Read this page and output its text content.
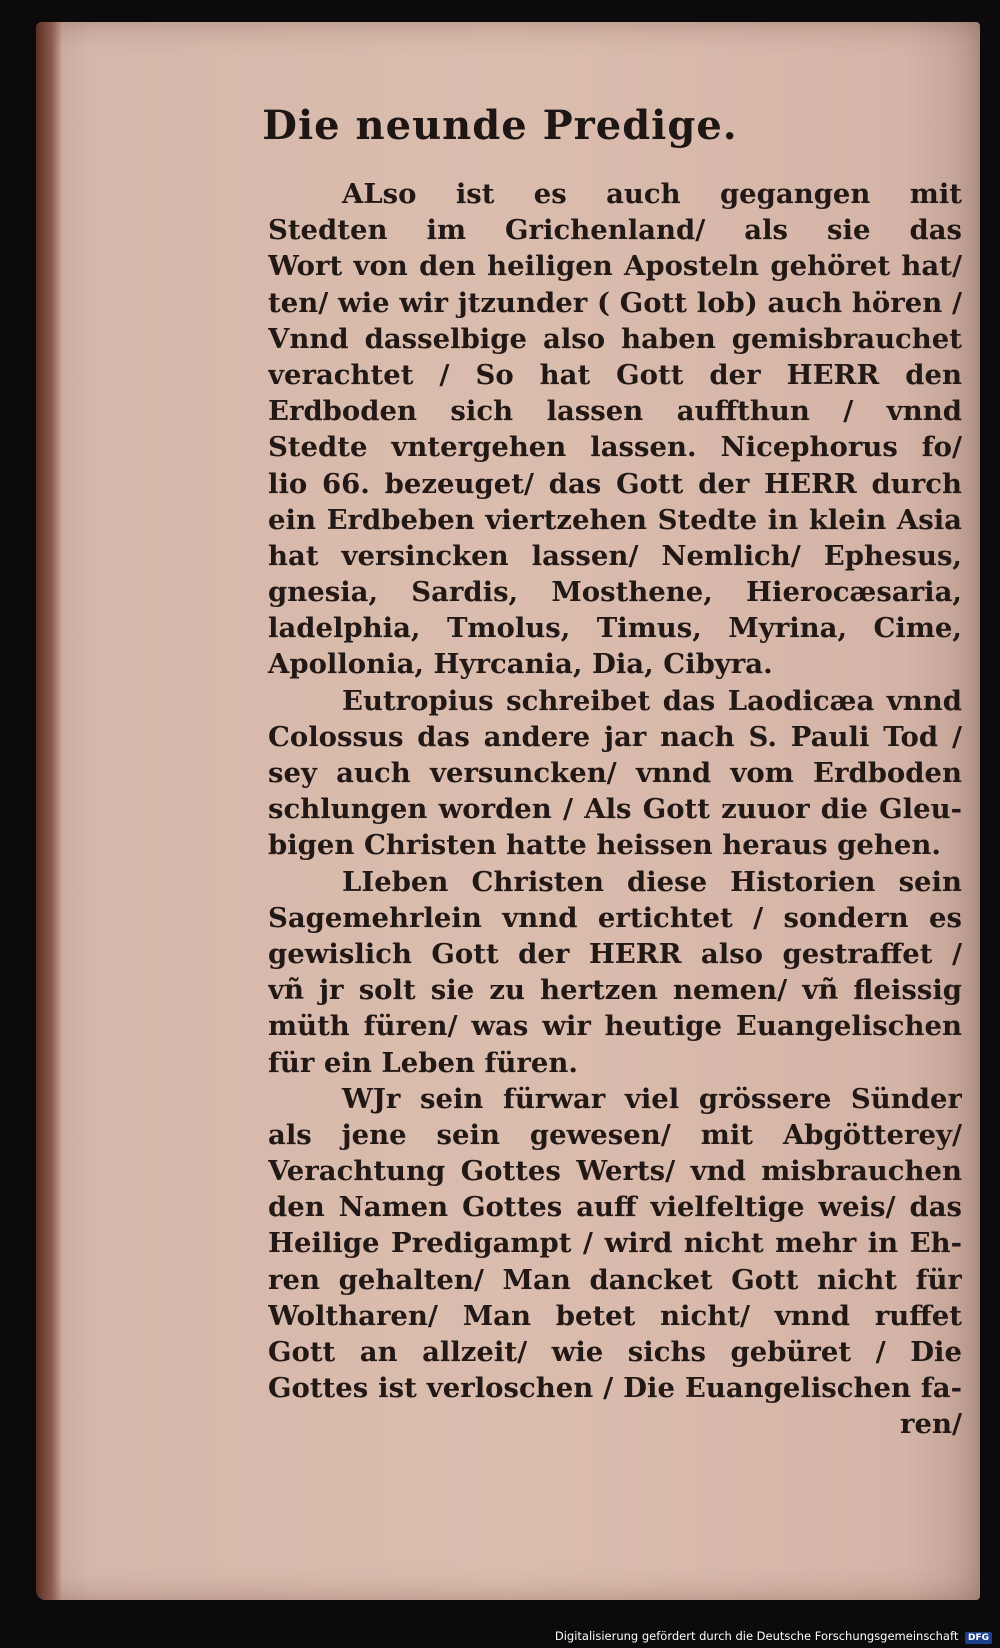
Die neunde Predige.
ALso ist es auch gegangen mit
Stedten im Grichenland/ als sie das
Wort von den heiligen Aposteln gehöret hat/
ten/ wie wir jtzunder ( Gott lob) auch hören /
Vnnd dasselbige also haben gemisbrauchet
verachtet / So hat Gott der HERR den
Erdboden sich lassen auffthun / vnnd
Stedte vntergehen lassen. Nicephorus fo/
lio 66. bezeuget/ das Gott der HERR durch
ein Erdbeben viertzehen Stedte in klein Asia
hat versincken lassen/ Nemlich/ Ephesus,
gnesia, Sardis, Mosthene, Hierocæsaria,
ladelphia, Tmolus, Timus, Myrina, Cime,
Apollonia, Hyrcania, Dia, Cibyra.
Eutropius schreibet das Laodicæa vnnd
Colossus das andere jar nach S. Pauli Tod /
sey auch versuncken/ vnnd vom Erdboden
schlungen worden / Als Gott zuuor die Gleu-
bigen Christen hatte heissen heraus gehen.
LIeben Christen diese Historien sein
Sagemehrlein vnnd ertichtet / sondern es
gewislich Gott der HERR also gestraffet /
vñ jr solt sie zu hertzen nemen/ vñ fleissig
müth füren/ was wir heutige Euangelischen
für ein Leben füren.
WJr sein fürwar viel grössere Sünder
als jene sein gewesen/ mit Abgötterey/
Verachtung Gottes Werts/ vnd misbrauchen
den Namen Gottes auff vielfeltige weis/ das
Heilige Predigampt / wird nicht mehr in Eh-
ren gehalten/ Man dancket Gott nicht für
Woltharen/ Man betet nicht/ vnnd ruffet
Gott an allzeit/ wie sichs gebüret / Die
Gottes ist verloschen / Die Euangelischen fa-
ren/
Digitalisierung gefördert durch die Deutsche Forschungsgemeinschaft DFG
